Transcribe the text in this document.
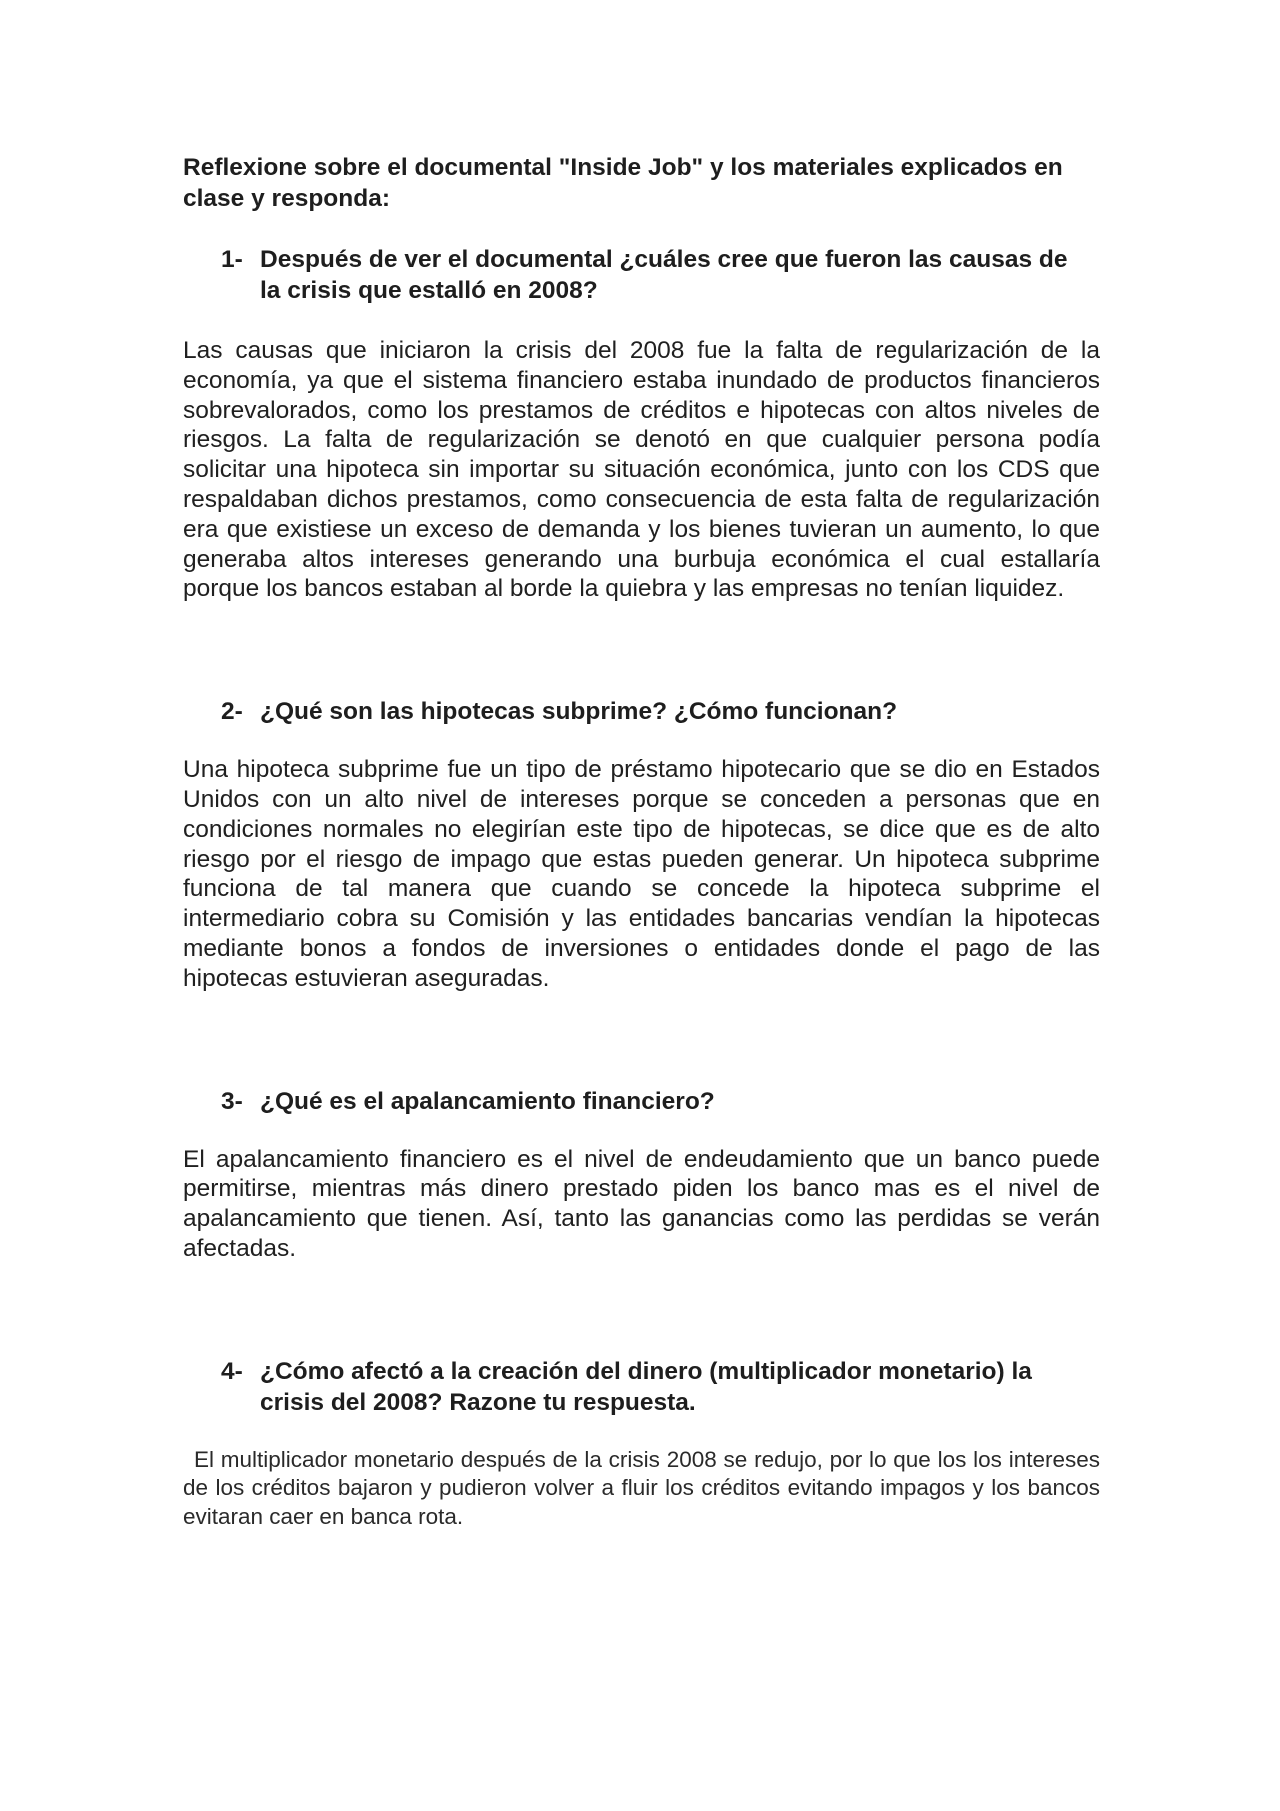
Reflexione sobre el documental "Inside Job" y los materiales explicados en clase y responda:

1- Después de ver el documental ¿cuáles cree que fueron las causas de la crisis que estalló en 2008?

Las causas que iniciaron la crisis del 2008 fue la falta de regularización de la economía, ya que el sistema financiero estaba inundado de productos financieros sobrevalorados, como los prestamos de créditos e hipotecas con altos niveles de riesgos. La falta de regularización se denotó en que cualquier persona podía solicitar una hipoteca sin importar su situación económica, junto con los CDS que respaldaban dichos prestamos, como consecuencia de esta falta de regularización era que existiese un exceso de demanda y los bienes tuvieran un aumento, lo que generaba altos intereses generando una burbuja económica el cual estallaría porque los bancos estaban al borde la quiebra y las empresas no tenían liquidez.

2- ¿Qué son las hipotecas subprime? ¿Cómo funcionan?

Una hipoteca subprime fue un tipo de préstamo hipotecario que se dio en Estados Unidos con un alto nivel de intereses porque se conceden a personas que en condiciones normales no elegirían este tipo de hipotecas, se dice que es de alto riesgo por el riesgo de impago que estas pueden generar. Un hipoteca subprime funciona de tal manera que cuando se concede la hipoteca subprime el intermediario cobra su Comisión y las entidades bancarias vendían la hipotecas mediante bonos a fondos de inversiones o entidades donde el pago de las hipotecas estuvieran aseguradas.

3- ¿Qué es el apalancamiento financiero?

El apalancamiento financiero es el nivel de endeudamiento que un banco puede permitirse, mientras más dinero prestado piden los banco mas es el nivel de apalancamiento que tienen. Así, tanto las ganancias como las perdidas se verán afectadas.

4- ¿Cómo afectó a la creación del dinero (multiplicador monetario) la crisis del 2008? Razone tu respuesta.

El multiplicador monetario después de la crisis 2008 se redujo, por lo que los los intereses de los créditos bajaron y pudieron volver a fluir los créditos evitando impagos y los bancos evitaran caer en banca rota.
